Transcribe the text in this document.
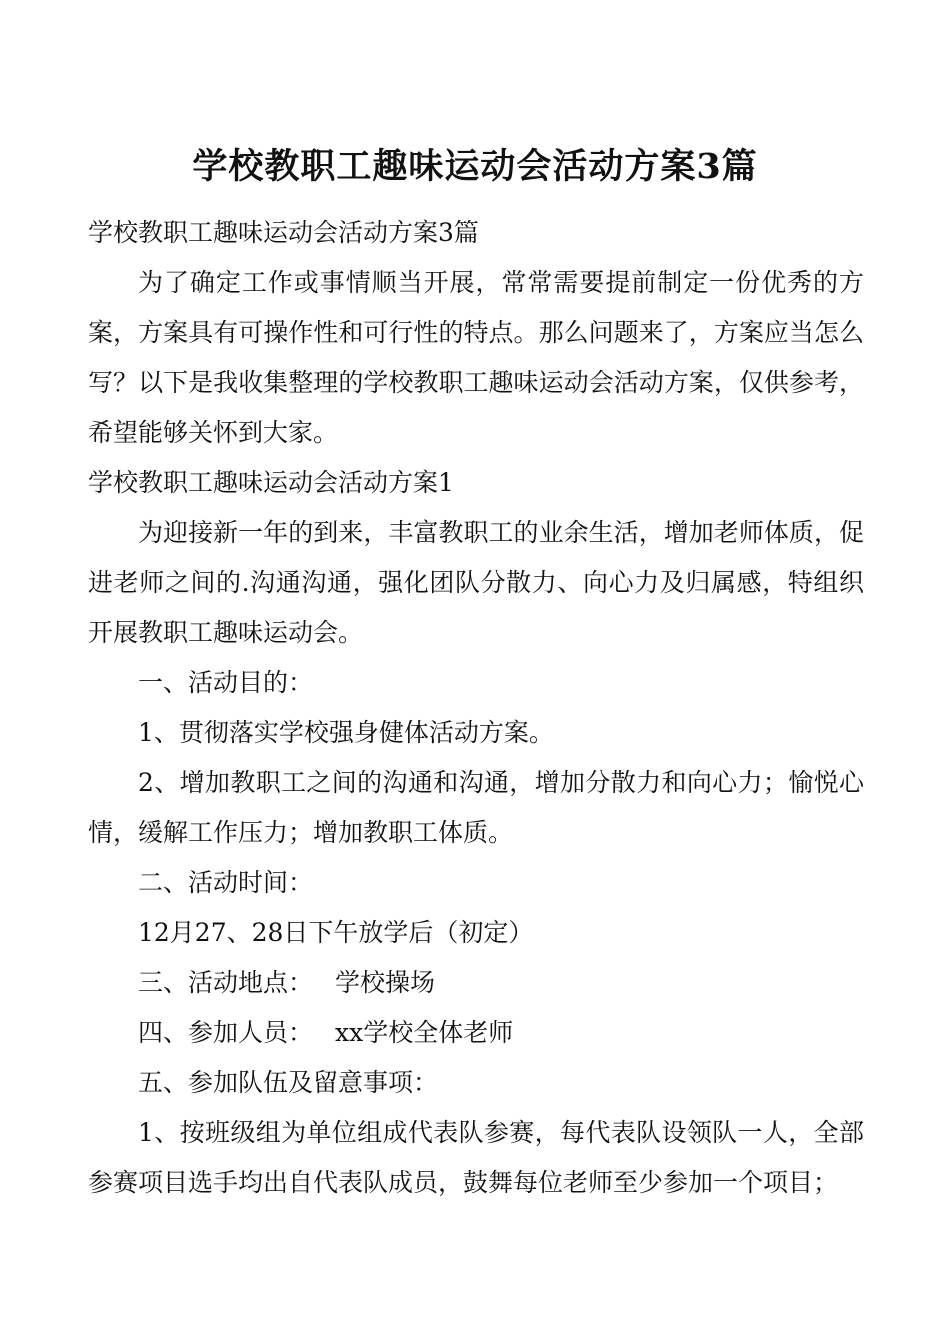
学校教职工趣味运动会活动方案3篇

学校教职工趣味运动会活动方案3篇

为了确定工作或事情顺当开展，常常需要提前制定一份优秀的方案，方案具有可操作性和可行性的特点。那么问题来了，方案应当怎么写？以下是我收集整理的学校教职工趣味运动会活动方案，仅供参考，希望能够关怀到大家。

学校教职工趣味运动会活动方案1

为迎接新一年的到来，丰富教职工的业余生活，增加老师体质，促进老师之间的.沟通沟通，强化团队分散力、向心力及归属感，特组织开展教职工趣味运动会。

一、活动目的：

1、贯彻落实学校强身健体活动方案。

2、增加教职工之间的沟通和沟通，增加分散力和向心力；愉悦心情，缓解工作压力；增加教职工体质。

二、活动时间：

12月27、28日下午放学后（初定）

三、活动地点： 学校操场

四、参加人员： xx学校全体老师

五、参加队伍及留意事项：

1、按班级组为单位组成代表队参赛，每代表队设领队一人，全部参赛项目选手均出自代表队成员，鼓舞每位老师至少参加一个项目；
